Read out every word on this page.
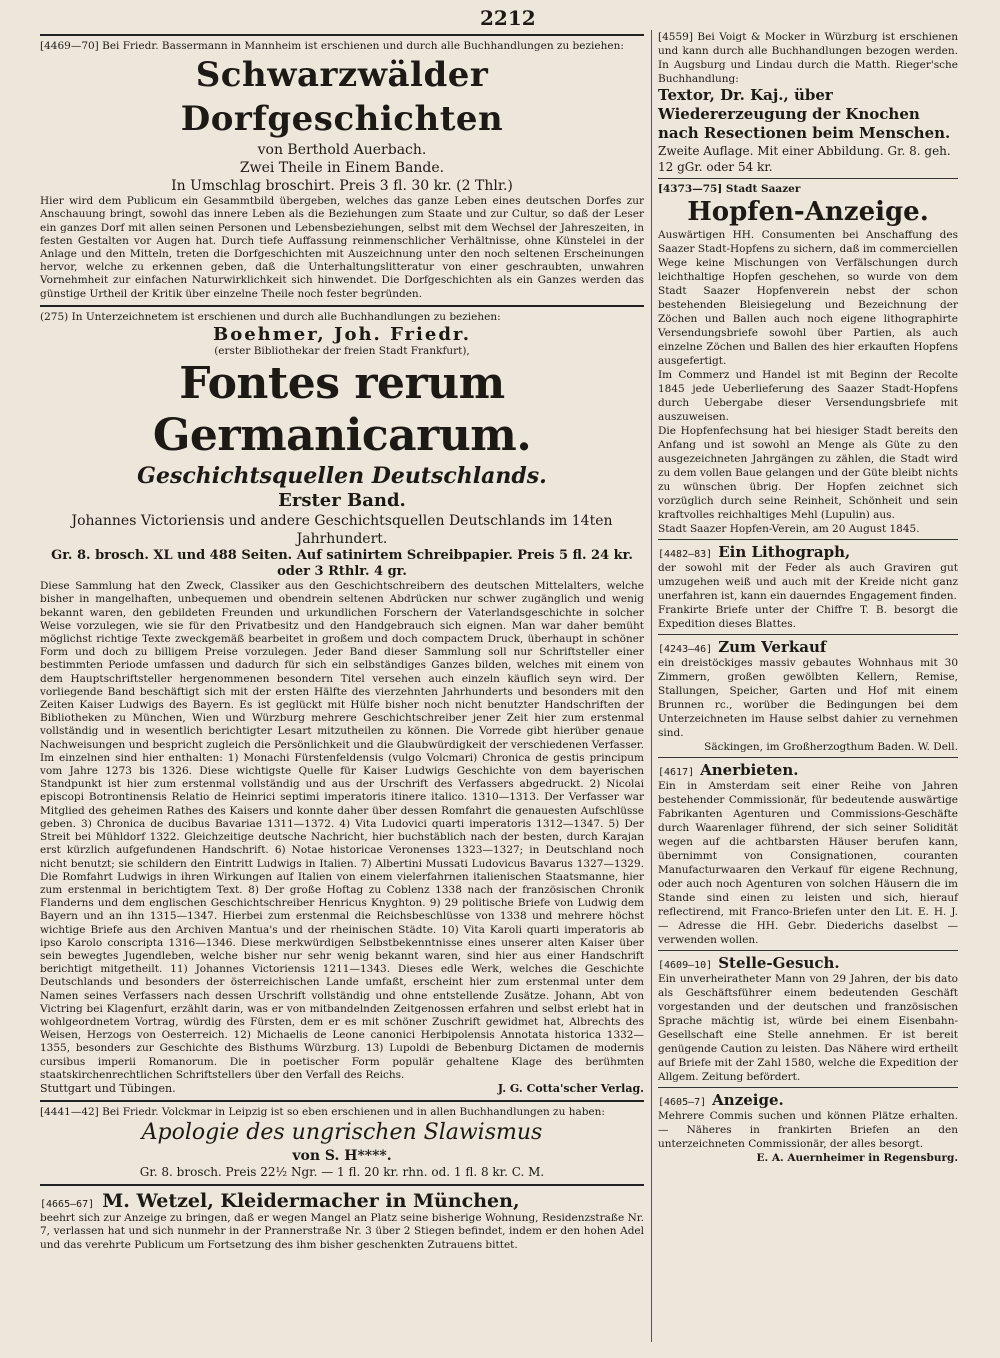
2212
[4469—70] Bei Friedr. Bassermann in Mannheim ist erschienen und durch alle Buchhandlungen zu beziehen:
Schwarzwälder Dorfgeschichten
von Berthold Auerbach.
Zwei Theile in Einem Bande.
In Umschlag broschirt. Preis 3 fl. 30 kr. (2 Thlr.)
Hier wird dem Publicum ein Gesammtbild übergeben, welches das ganze Leben eines deutschen Dorfes zur Anschauung bringt, sowohl das innere Leben als die Beziehungen zum Staate und zur Cultur, so daß der Leser ein ganzes Dorf mit allen seinen Personen und Lebensbeziehungen, selbst mit dem Wechsel der Jahreszeiten, in festen Gestalten vor Augen hat. Durch tiefe Auffassung reinmenschlicher Verhältnisse, ohne Künstelei in der Anlage und den Mitteln, treten die Dorfgeschichten mit Auszeichnung unter den noch seltenen Erscheinungen hervor, welche zu erkennen geben, daß die Unterhaltungslitteratur von einer geschraubten, unwahren Vornehmheit zur einfachen Naturwirklichkeit sich hinwendet. Die Dorfgeschichten als ein Ganzes werden das günstige Urtheil der Kritik über einzelne Theile noch fester begründen.
(275) In Unterzeichnetem ist erschienen und durch alle Buchhandlungen zu beziehen:
Boehmer, Joh. Friedr.
(erster Bibliothekar der freien Stadt Frankfurt),
Fontes rerum Germanicarum.
Geschichtsquellen Deutschlands.
Erster Band.
Johannes Victoriensis und andere Geschichtsquellen Deutschlands im 14ten Jahrhundert.
Gr. 8. brosch. XL und 488 Seiten. Auf satinirtem Schreibpapier. Preis 5 fl. 24 kr. oder 3 Rthlr. 4 gr.
Diese Sammlung hat den Zweck, Classiker aus den Geschichtschreibern des deutschen Mittelalters, welche bisher in mangelhaften, unbequemen und obendrein seltenen Abdrücken nur schwer zugänglich und wenig bekannt waren, den gebildeten Freunden und urkundlichen Forschern der Vaterlandsgeschichte in solcher Weise vorzulegen, wie sie für den Privatbesitz und den Handgebrauch sich eignen. Man war daher bemüht möglichst richtige Texte zweckgemäß bearbeitet in großem und doch compactem Druck, überhaupt in schöner Form und doch zu billigem Preise vorzulegen. Jeder Band dieser Sammlung soll nur Schriftsteller einer bestimmten Periode umfassen und dadurch für sich ein selbständiges Ganzes bilden, welches mit einem von dem Hauptschriftsteller hergenommenen besondern Titel versehen auch einzeln käuflich seyn wird. Der vorliegende Band beschäftigt sich mit der ersten Hälfte des vierzehnten Jahrhunderts und besonders mit den Zeiten Kaiser Ludwigs des Bayern. Es ist geglückt mit Hülfe bisher noch nicht benutzter Handschriften der Bibliotheken zu München, Wien und Würzburg mehrere Geschichtschreiber jener Zeit hier zum erstenmal vollständig und in wesentlich berichtigter Lesart mitzutheilen zu können. Die Vorrede gibt hierüber genaue Nachweisungen und bespricht zugleich die Persönlichkeit und die Glaubwürdigkeit der verschiedenen Verfasser. Im einzelnen sind hier enthalten: 1) Monachi Fürstenfeldensis (vulgo Volcmari) Chronica de gestis principum vom Jahre 1273 bis 1326. Diese wichtigste Quelle für Kaiser Ludwigs Geschichte von dem bayerischen Standpunkt ist hier zum erstenmal vollständig und aus der Urschrift des Verfassers abgedruckt. 2) Nicolai episcopi Botrontinensis Relatio de Heinrici septimi imperatoris itinere italico. 1310—1313. Der Verfasser war Mitglied des geheimen Rathes des Kaisers und konnte daher über dessen Romfahrt die genauesten Aufschlüsse geben. 3) Chronica de ducibus Bavariae 1311—1372. 4) Vita Ludovici quarti imperatoris 1312—1347. 5) Der Streit bei Mühldorf 1322. Gleichzeitige deutsche Nachricht, hier buchstäblich nach der besten, durch Karajan erst kürzlich aufgefundenen Handschrift. 6) Notae historicae Veronenses 1323—1327; in Deutschland noch nicht benutzt; sie schildern den Eintritt Ludwigs in Italien. 7) Albertini Mussati Ludovicus Bavarus 1327—1329. Die Romfahrt Ludwigs in ihren Wirkungen auf Italien von einem vielerfahrnen italienischen Staatsmanne, hier zum erstenmal in berichtigtem Text. 8) Der große Hoftag zu Coblenz 1338 nach der französischen Chronik Flanderns und dem englischen Geschichtschreiber Henricus Knyghton. 9) 29 politische Briefe von Ludwig dem Bayern und an ihn 1315—1347. Hierbei zum erstenmal die Reichsbeschlüsse von 1338 und mehrere höchst wichtige Briefe aus den Archiven Mantua's und der rheinischen Städte. 10) Vita Karoli quarti imperatoris ab ipso Karolo conscripta 1316—1346. Diese merkwürdigen Selbstbekenntnisse eines unserer alten Kaiser über sein bewegtes Jugendleben, welche bisher nur sehr wenig bekannt waren, sind hier aus einer Handschrift berichtigt mitgetheilt. 11) Johannes Victoriensis 1211—1343. Dieses edle Werk, welches die Geschichte Deutschlands und besonders der österreichischen Lande umfaßt, erscheint hier zum erstenmal unter dem Namen seines Verfassers nach dessen Urschrift vollständig und ohne entstellende Zusätze. Johann, Abt von Victring bei Klagenfurt, erzählt darin, was er von mitbandelnden Zeitgenossen erfahren und selbst erlebt hat in wohlgeordnetem Vortrag, würdig des Fürsten, dem er es mit schöner Zuschrift gewidmet hat, Albrechts des Weisen, Herzogs von Oesterreich. 12) Michaelis de Leone canonici Herbipolensis Annotata historica 1332—1355, besonders zur Geschichte des Bisthums Würzburg. 13) Lupoldi de Bebenburg Dictamen de modernis cursibus imperii Romanorum. Die in poetischer Form populär gehaltene Klage des berühmten staatskirchenrechtlichen Schriftstellers über den Verfall des Reichs.
Stuttgart und Tübingen.	J. G. Cotta'scher Verlag.
[4441—42] Bei Friedr. Volckmar in Leipzig ist so eben erschienen und in allen Buchhandlungen zu haben:
Apologie des ungrischen Slawismus
von S. H****.
Gr. 8. brosch. Preis 22½ Ngr. — 1 fl. 20 kr. rhn. od. 1 fl. 8 kr. C. M.
[4665—67] M. Wetzel, Kleidermacher in München,
beehrt sich zur Anzeige zu bringen, daß er wegen Mangel an Platz seine bisherige Wohnung, Residenzstraße Nr. 7, verlassen hat und sich nunmehr in der Prannerstraße Nr. 3 über 2 Stiegen befindet, indem er den hohen Adel und das verehrte Publicum um Fortsetzung des ihm bisher geschenkten Zutrauens bittet.
[4559] Bei Voigt & Mocker in Würzburg ist erschienen und kann durch alle Buchhandlungen bezogen werden. In Augsburg und Lindau durch die Matth. Rieger'sche Buchhandlung:
Textor, Dr. Kaj., über Wiedererzeugung der Knochen nach Resectionen beim Menschen.
Zweite Auflage. Mit einer Abbildung. Gr. 8. geh. 12 gGr. oder 54 kr.
[4373—75] Stadt Saazer
Hopfen-Anzeige.
Auswärtigen HH. Consumenten bei Anschaffung des Saazer Stadt-Hopfens zu sichern, daß im commerciellen Wege keine Mischungen von Verfälschungen durch leichthaltige Hopfen geschehen, so wurde von dem Stadt Saazer Hopfenverein nebst der schon bestehenden Bleisiegelung und Bezeichnung der Zöchen und Ballen auch noch eigene lithographirte Versendungsbriefe sowohl über Partien, als auch einzelne Zöchen und Ballen des hier erkauften Hopfens ausgefertigt.
Im Commerz und Handel ist mit Beginn der Recolte 1845 jede Ueberlieferung des Saazer Stadt-Hopfens durch Uebergabe dieser Versendungsbriefe mit auszuweisen.
Die Hopfenfechsung hat bei hiesiger Stadt bereits den Anfang und ist sowohl an Menge als Güte zu den ausgezeichneten Jahrgängen zu zählen, die Stadt wird zu dem vollen Baue gelangen und der Güte bleibt nichts zu wünschen übrig. Der Hopfen zeichnet sich vorzüglich durch seine Reinheit, Schönheit und sein kraftvolles reichhaltiges Mehl (Lupulin) aus.
Stadt Saazer Hopfen-Verein, am 20 August 1845.
[4482—83] Ein Lithograph,
der sowohl mit der Feder als auch Graviren gut umzugehen weiß und auch mit der Kreide nicht ganz unerfahren ist, kann ein dauerndes Engagement finden.
Frankirte Briefe unter der Chiffre T. B. besorgt die Expedition dieses Blattes.
[4243—46] Zum Verkauf
ein dreistöckiges massiv gebautes Wohnhaus mit 30 Zimmern, großen gewölbten Kellern, Remise, Stallungen, Speicher, Garten und Hof mit einem Brunnen rc., worüber die Bedingungen bei dem Unterzeichneten im Hause selbst dahier zu vernehmen sind.
Säckingen, im Großherzogthum Baden. W. Dell.
[4617] Anerbieten.
Ein in Amsterdam seit einer Reihe von Jahren bestehender Commissionär, für bedeutende auswärtige Fabrikanten Agenturen und Commissions-Geschäfte durch Waarenlager führend, der sich seiner Solidität wegen auf die achtbarsten Häuser berufen kann, übernimmt von Consignationen, couranten Manufacturwaaren den Verkauf für eigene Rechnung, oder auch noch Agenturen von solchen Häusern die im Stande sind einen zu leisten und sich, hierauf reflectirend, mit Franco-Briefen unter den Lit. E. H. J. — Adresse die HH. Gebr. Diederichs daselbst — verwenden wollen.
[4609—10] Stelle-Gesuch.
Ein unverheiratheter Mann von 29 Jahren, der bis dato als Geschäftsführer einem bedeutenden Geschäft vorgestanden und der deutschen und französischen Sprache mächtig ist, würde bei einem Eisenbahn-Gesellschaft eine Stelle annehmen. Er ist bereit genügende Caution zu leisten. Das Nähere wird ertheilt auf Briefe mit der Zahl 1580, welche die Expedition der Allgem. Zeitung befördert.
[4605—7] Anzeige.
Mehrere Commis suchen und können Plätze erhalten. — Näheres in frankirten Briefen an den unterzeichneten Commissionär, der alles besorgt.
E. A. Auernheimer in Regensburg.
